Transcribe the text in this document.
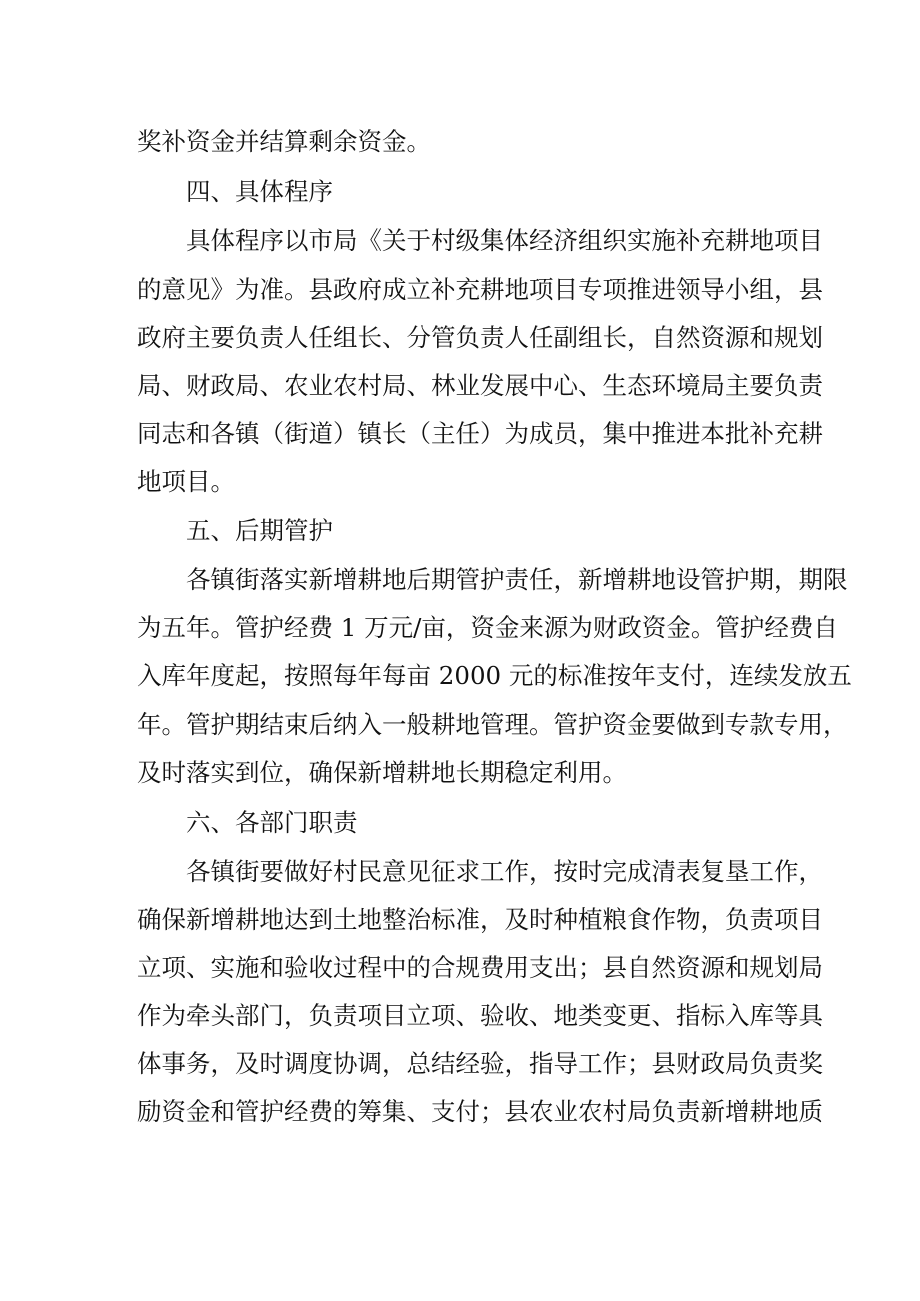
奖补资金并结算剩余资金。
四、具体程序
具体程序以市局《关于村级集体经济组织实施补充耕地项目
的意见》为准。县政府成立补充耕地项目专项推进领导小组，县
政府主要负责人任组长、分管负责人任副组长，自然资源和规划
局、财政局、农业农村局、林业发展中心、生态环境局主要负责
同志和各镇（街道）镇长（主任）为成员，集中推进本批补充耕
地项目。
五、后期管护
各镇街落实新增耕地后期管护责任，新增耕地设管护期，期限
为五年。管护经费 1 万元/亩，资金来源为财政资金。管护经费自
入库年度起，按照每年每亩 2000 元的标准按年支付，连续发放五
年。管护期结束后纳入一般耕地管理。管护资金要做到专款专用，
及时落实到位，确保新增耕地长期稳定利用。
六、各部门职责
各镇街要做好村民意见征求工作，按时完成清表复垦工作，
确保新增耕地达到土地整治标准，及时种植粮食作物，负责项目
立项、实施和验收过程中的合规费用支出；县自然资源和规划局
作为牵头部门，负责项目立项、验收、地类变更、指标入库等具
体事务，及时调度协调，总结经验，指导工作；县财政局负责奖
励资金和管护经费的筹集、支付；县农业农村局负责新增耕地质
